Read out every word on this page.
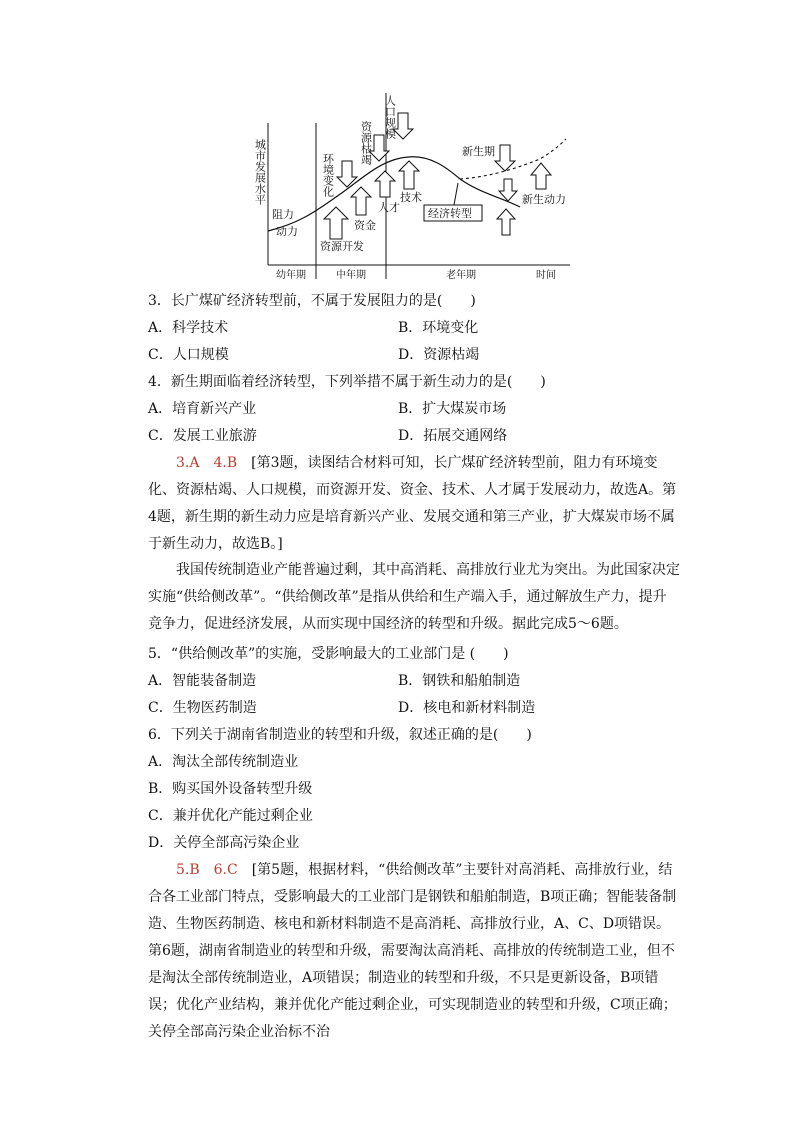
城市发展水平
幼年期	中年期	老年期	时间
阻力
动力
资源开发
资金
人才
技术
环境变化
资源枯竭
人口规模
经济转型
新生期
新生动力
3．长广煤矿经济转型前，不属于发展阻力的是(　　)
A．科学技术	B．环境变化
C．人口规模	D．资源枯竭
4．新生期面临着经济转型，下列举措不属于新生动力的是(　　)
A．培育新兴产业	B．扩大煤炭市场
C．发展工业旅游	D．拓展交通网络

3.A　4.B　[第3题，读图结合材料可知，长广煤矿经济转型前，阻力有环境变化、资源枯竭、人口规模，而资源开发、资金、技术、人才属于发展动力，故选A。第4题，新生期的新生动力应是培育新兴产业、发展交通和第三产业，扩大煤炭市场不属于新生动力，故选B。]

我国传统制造业产能普遍过剩，其中高消耗、高排放行业尤为突出。为此国家决定实施“供给侧改革”。“供给侧改革”是指从供给和生产端入手，通过解放生产力，提升竞争力，促进经济发展，从而实现中国经济的转型和升级。据此完成5～6题。

5．“供给侧改革”的实施，受影响最大的工业部门是 (　　)
A．智能装备制造	B．钢铁和船舶制造
C．生物医药制造	D．核电和新材料制造
6．下列关于湖南省制造业的转型和升级，叙述正确的是(　　)
A．淘汰全部传统制造业
B．购买国外设备转型升级
C．兼并优化产能过剩企业
D．关停全部高污染企业

5.B　6.C　[第5题，根据材料，“供给侧改革”主要针对高消耗、高排放行业，结合各工业部门特点，受影响最大的工业部门是钢铁和船舶制造，B项正确；智能装备制造、生物医药制造、核电和新材料制造不是高消耗、高排放行业，A、C、D项错误。第6题，湖南省制造业的转型和升级，需要淘汰高消耗、高排放的传统制造工业，但不是淘汰全部传统制造业，A项错误；制造业的转型和升级，不只是更新设备，B项错误；优化产业结构，兼并优化产能过剩企业，可实现制造业的转型和升级，C项正确；关停全部高污染企业治标不治
